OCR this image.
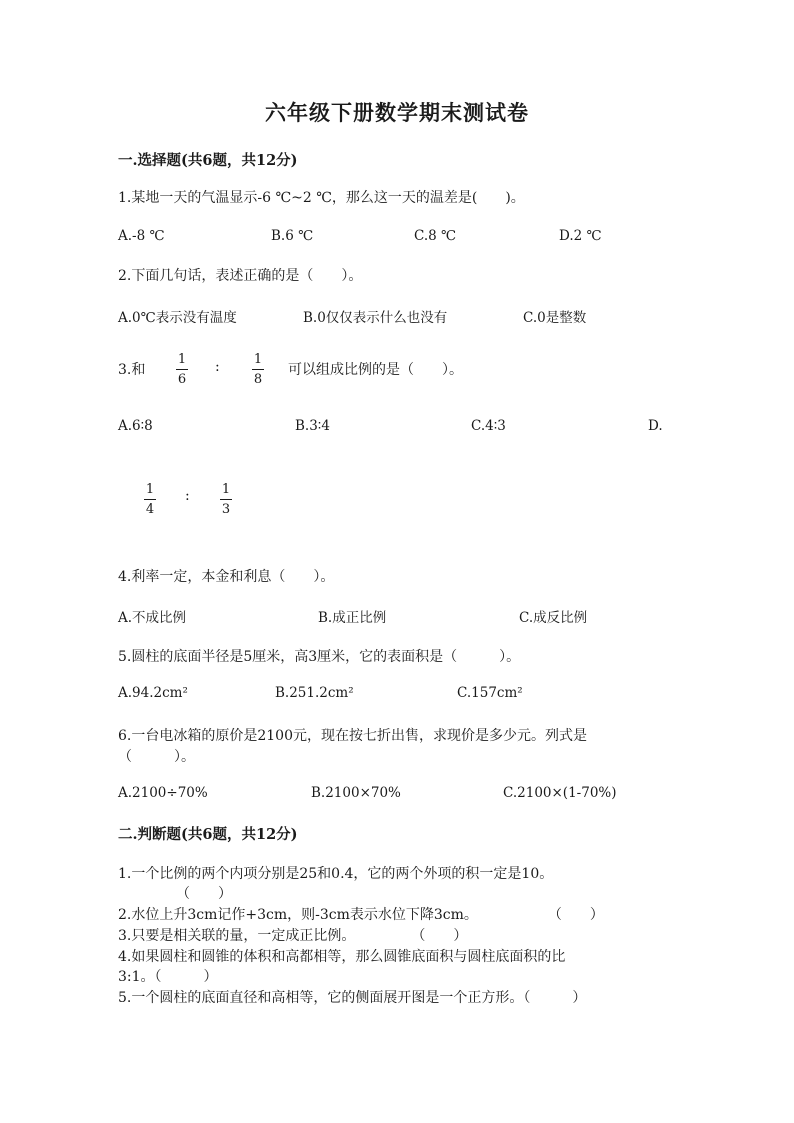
六年级下册数学期末测试卷
一.选择题(共6题，共12分)
1.某地一天的气温显示-6 ℃~2 ℃，那么这一天的温差是(　　)。
A.-8 ℃	B.6 ℃	C.8 ℃	D.2 ℃
2.下面几句话，表述正确的是（　　）。
A.0℃表示没有温度	B.0仅仅表示什么也没有	C.0是整数
3.和
1
6
:	1
8
可以组成比例的是（　　）。
A.6∶8	B.3∶4	C.4∶3	D.
1
4
: 1
3
4.利率一定，本金和利息（　　）。
A.不成比例	B.成正比例	C.成反比例
5.圆柱的底面半径是5厘米，高3厘米，它的表面积是（　　　）。
A.94.2cm²	B.251.2cm²	C.157cm²
6.一台电冰箱的原价是2100元，现在按七折出售，求现价是多少元。列式是
（　　　）。
A.2100÷70%	B.2100×70%	C.2100×(1-70%)
二.判断题(共6题，共12分)
1.一个比例的两个内项分别是25和0.4，它的两个外项的积一定是10。
（　　）
2.水位上升3cm记作+3cm，则-3cm表示水位下降3cm。　　　　　　（　　）
3.只要是相关联的量，一定成正比例。　　　　　（　　）
4.如果圆柱和圆锥的体积和高都相等，那么圆锥底面积与圆柱底面积的比
3:1。（　　　）
5.一个圆柱的底面直径和高相等，它的侧面展开图是一个正方形。（　　　）
